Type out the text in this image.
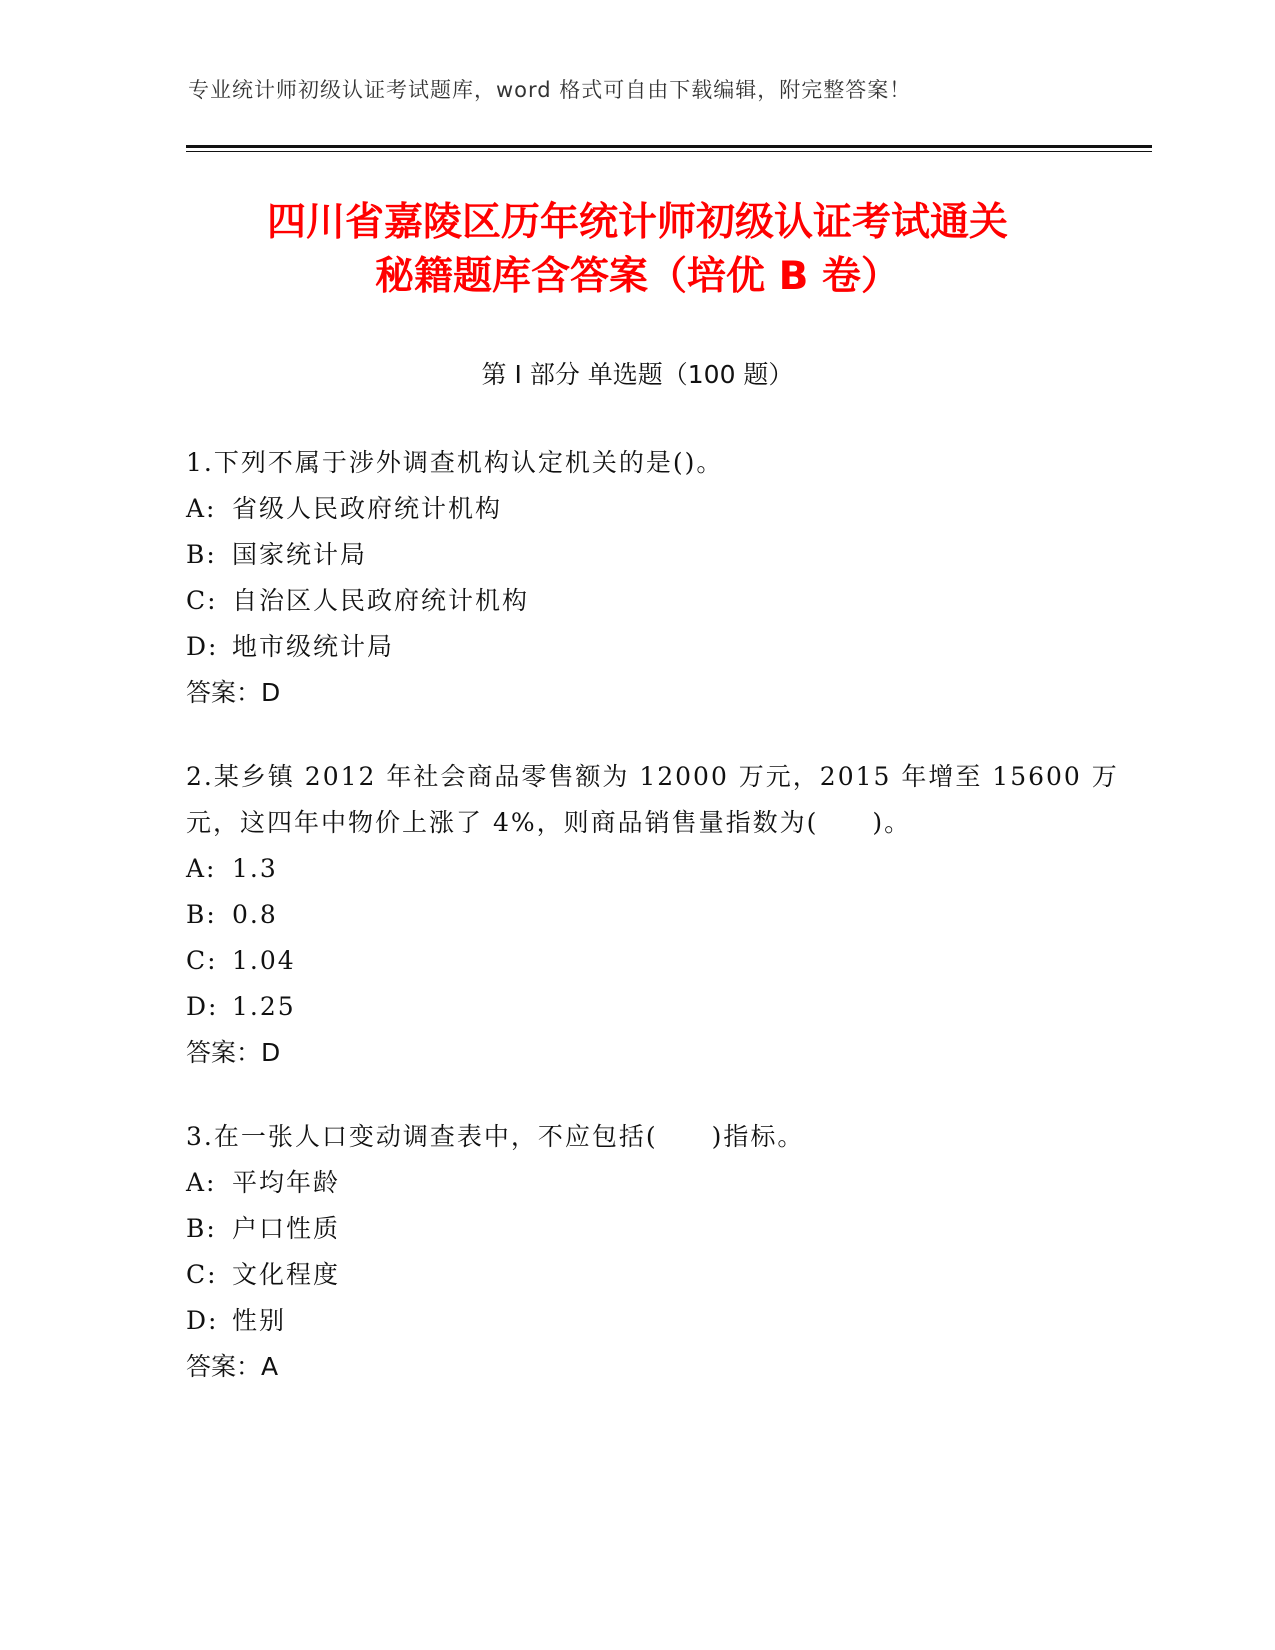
专业统计师初级认证考试题库，word 格式可自由下载编辑，附完整答案！
四川省嘉陵区历年统计师初级认证考试通关
秘籍题库含答案（培优 B 卷）
第 I 部分 单选题（100 题）
1.下列不属于涉外调查机构认定机关的是()。
A: 省级人民政府统计机构
B: 国家统计局
C: 自治区人民政府统计机构
D: 地市级统计局
答案：D
2.某乡镇 2012 年社会商品零售额为 12000 万元，2015 年增至 15600 万
元，这四年中物价上涨了 4%，则商品销售量指数为(　　)。
A: 1.3
B: 0.8
C: 1.04
D: 1.25
答案：D
3.在一张人口变动调查表中，不应包括(　　)指标。
A: 平均年龄
B: 户口性质
C: 文化程度
D: 性别
答案：A
